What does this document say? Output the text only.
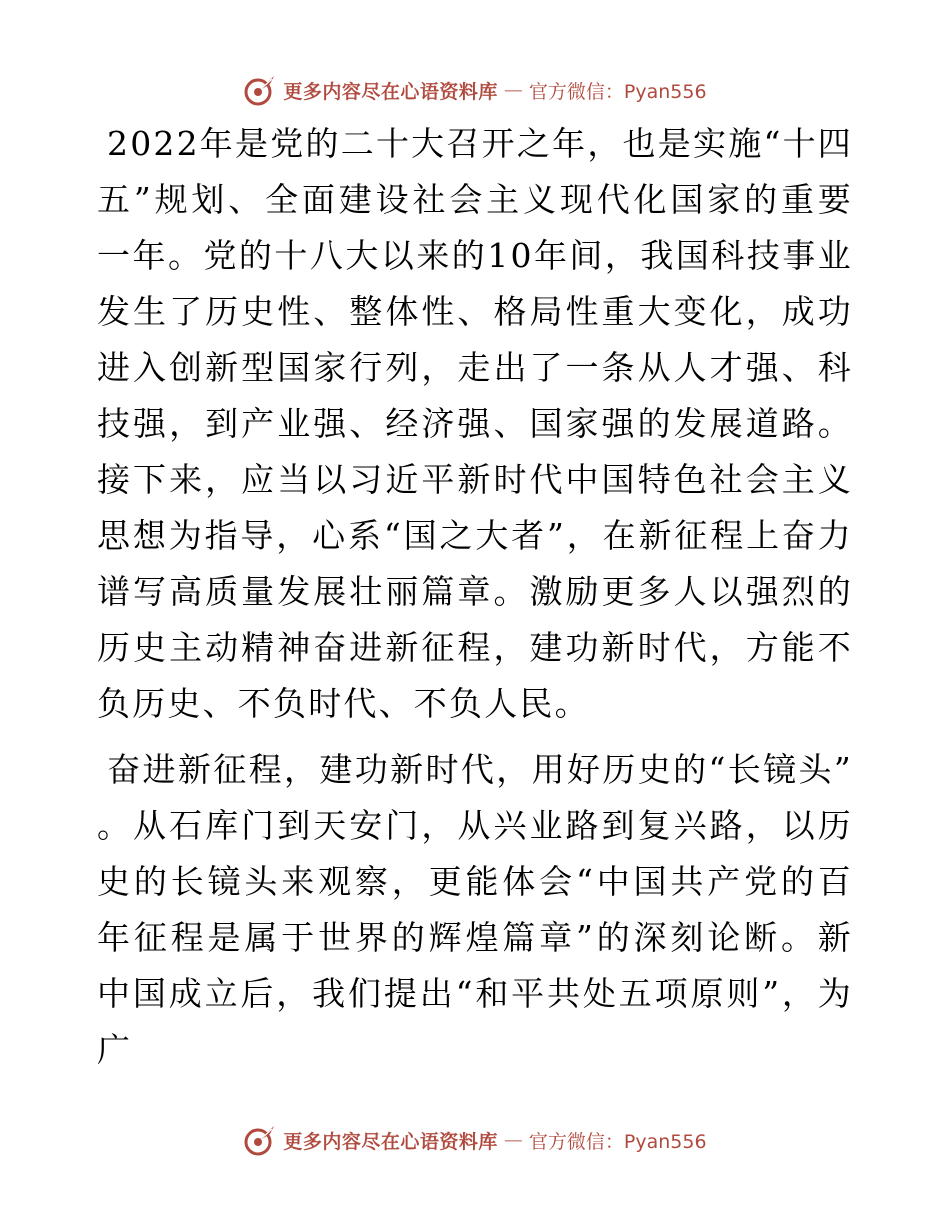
更多内容尽在心语资料库 — 官方微信：Pyan556

2022年是党的二十大召开之年，也是实施“十四五”规划、全面建设社会主义现代化国家的重要一年。党的十八大以来的10年间，我国科技事业发生了历史性、整体性、格局性重大变化，成功进入创新型国家行列，走出了一条从人才强、科技强，到产业强、经济强、国家强的发展道路。接下来，应当以习近平新时代中国特色社会主义思想为指导，心系“国之大者”，在新征程上奋力谱写高质量发展壮丽篇章。激励更多人以强烈的历史主动精神奋进新征程，建功新时代，方能不负历史、不负时代、不负人民。

奋进新征程，建功新时代，用好历史的“长镜头”。从石库门到天安门，从兴业路到复兴路，以历史的长镜头来观察，更能体会“中国共产党的百年征程是属于世界的辉煌篇章”的深刻论断。新中国成立后，我们提出“和平共处五项原则”，为广

更多内容尽在心语资料库 — 官方微信：Pyan556
